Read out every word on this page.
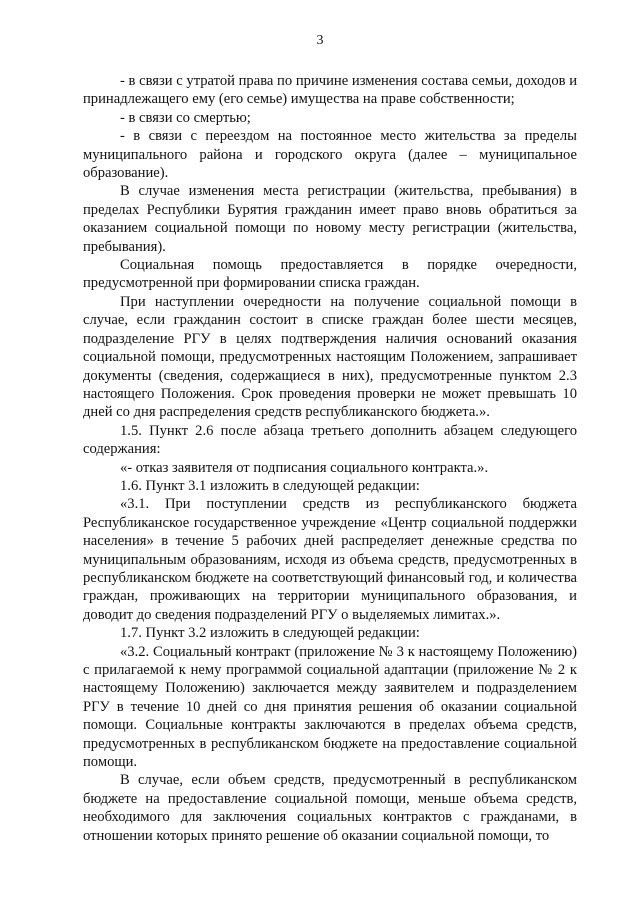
3

- в связи с утратой права по причине изменения состава семьи, доходов и принадлежащего ему (его семье) имущества на праве собственности;

- в связи со смертью;

- в связи с переездом на постоянное место жительства за пределы муниципального района и городского округа (далее – муниципальное образование).

В случае изменения места регистрации (жительства, пребывания) в пределах Республики Бурятия гражданин имеет право вновь обратиться за оказанием социальной помощи по новому месту регистрации (жительства, пребывания).

Социальная помощь предоставляется в порядке очередности, предусмотренной при формировании списка граждан.

При наступлении очередности на получение социальной помощи в случае, если гражданин состоит в списке граждан более шести месяцев, подразделение РГУ в целях подтверждения наличия оснований оказания социальной помощи, предусмотренных настоящим Положением, запрашивает документы (сведения, содержащиеся в них), предусмотренные пунктом 2.3 настоящего Положения. Срок проведения проверки не может превышать 10 дней со дня распределения средств республиканского бюджета.».

1.5. Пункт 2.6 после абзаца третьего дополнить абзацем следующего содержания:

«- отказ заявителя от подписания социального контракта.».

1.6. Пункт 3.1 изложить в следующей редакции:

«3.1. При поступлении средств из республиканского бюджета Республиканское государственное учреждение «Центр социальной поддержки населения» в течение 5 рабочих дней распределяет денежные средства по муниципальным образованиям, исходя из объема средств, предусмотренных в республиканском бюджете на соответствующий финансовый год, и количества граждан, проживающих на территории муниципального образования, и доводит до сведения подразделений РГУ о выделяемых лимитах.».

1.7. Пункт 3.2 изложить в следующей редакции:

«3.2. Социальный контракт (приложение № 3 к настоящему Положению) с прилагаемой к нему программой социальной адаптации (приложение № 2 к настоящему Положению) заключается между заявителем и подразделением РГУ в течение 10 дней со дня принятия решения об оказании социальной помощи. Социальные контракты заключаются в пределах объема средств, предусмотренных в республиканском бюджете на предоставление социальной помощи.

В случае, если объем средств, предусмотренный в республиканском бюджете на предоставление социальной помощи, меньше объема средств, необходимого для заключения социальных контрактов с гражданами, в отношении которых принято решение об оказании социальной помощи, то
